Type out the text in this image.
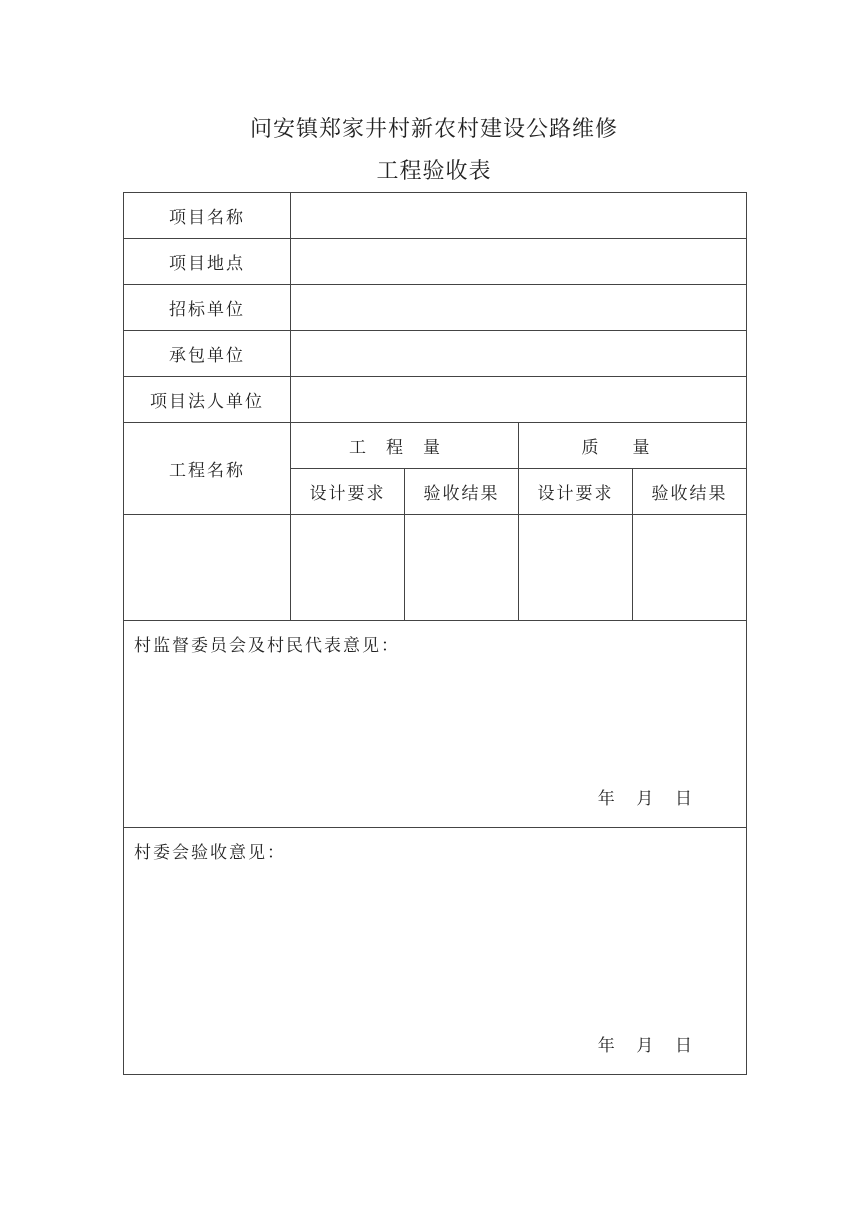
问安镇郑家井村新农村建设公路维修
工程验收表
项目名称				
项目地点				
招标单位				
承包单位				
项目法人单位				
工程名称	工程量		质量	
	设计要求	验收结果	设计要求	验收结果

村监督委员会及村民代表意见：
年    月    日				

村委会验收意见：
年    月    日				
